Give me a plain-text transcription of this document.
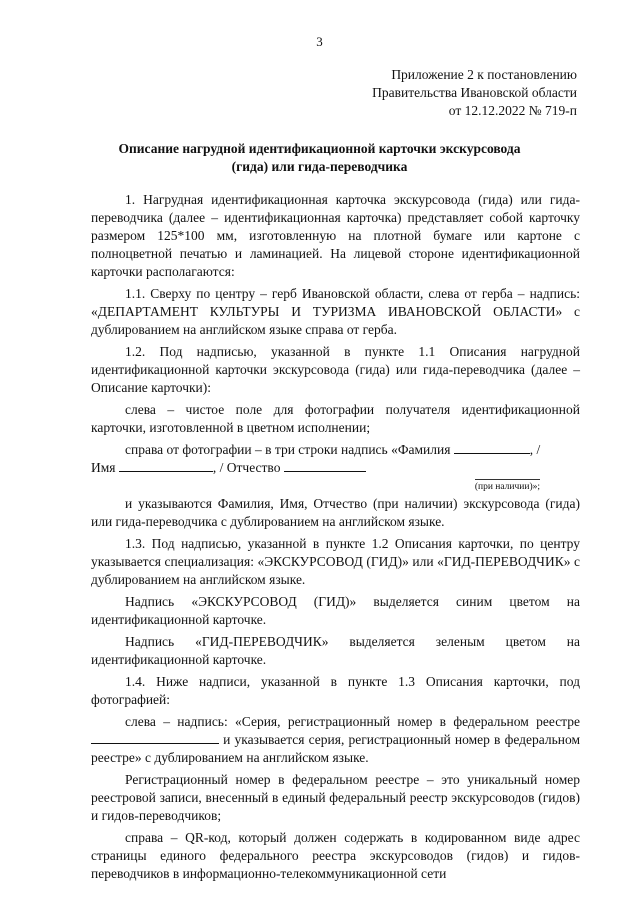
3
Приложение 2 к постановлению
Правительства Ивановской области
от 12.12.2022 № 719-п
Описание нагрудной идентификационной карточки экскурсовода
(гида) или гида-переводчика

1. Нагрудная идентификационная карточка экскурсовода (гида) или гида-переводчика (далее – идентификационная карточка) представляет собой карточку размером 125*100 мм, изготовленную на плотной бумаге или картоне с полноцветной печатью и ламинацией. На лицевой стороне идентификационной карточки располагаются:

1.1. Сверху по центру – герб Ивановской области, слева от герба – надпись: «ДЕПАРТАМЕНТ КУЛЬТУРЫ И ТУРИЗМА ИВАНОВСКОЙ ОБЛАСТИ» с дублированием на английском языке справа от герба.

1.2. Под надписью, указанной в пункте 1.1 Описания нагрудной идентификационной карточки экскурсовода (гида) или гида-переводчика (далее – Описание карточки):

слева – чистое поле для фотографии получателя идентификационной карточки, изготовленной в цветном исполнении;

справа от фотографии – в три строки надпись «Фамилия	, /

Имя	, / Отчество

(при наличии)»;

и указываются Фамилия, Имя, Отчество (при наличии) экскурсовода (гида) или гида-переводчика с дублированием на английском языке.

1.3. Под надписью, указанной в пункте 1.2 Описания карточки, по центру указывается специализация: «ЭКСКУРСОВОД (ГИД)» или «ГИД-ПЕРЕВОДЧИК» с дублированием на английском языке.

Надпись «ЭКСКУРСОВОД (ГИД)» выделяется синим цветом на идентификационной карточке.

Надпись «ГИД-ПЕРЕВОДЧИК» выделяется зеленым цветом на идентификационной карточке.

1.4. Ниже надписи, указанной в пункте 1.3 Описания карточки, под фотографией:

слева – надпись: «Серия, регистрационный номер в федеральном реестре  и указывается серия, регистрационный номер в федеральном реестре» с дублированием на английском языке.

Регистрационный номер в федеральном реестре – это уникальный номер реестровой записи, внесенный в единый федеральный реестр экскурсоводов (гидов) и гидов-переводчиков;

справа – QR-код, который должен содержать в кодированном виде адрес страницы единого федерального реестра экскурсоводов (гидов) и гидов-переводчиков в информационно-телекоммуникационной сети
